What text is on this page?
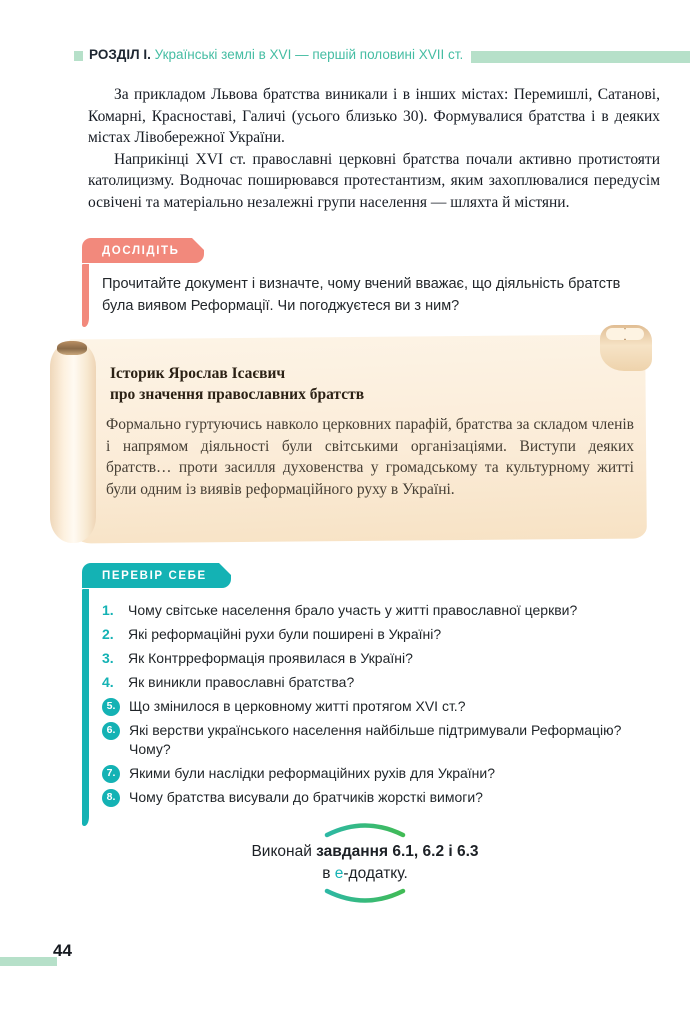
РОЗДІЛ I. Українські землі в XVI — першій половині XVII ст.

За прикладом Львова братства виникали і в інших містах: Перемишлі, Сатанові, Комарні, Красноставі, Галичі (усього близько 30). Формувалися братства і в деяких містах Лівобережної України.

Наприкінці XVI ст. православні церковні братства почали активно протистояти католицизму. Водночас поширювався протестантизм, яким захоплювалися передусім освічені та матеріально незалежні групи населення — шляхта й містяни.

ДОСЛІДІТЬ

Прочитайте документ і визначте, чому вчений вважає, що діяльність братств була виявом Реформації. Чи погоджуєтеся ви з ним?

Історик Ярослав Ісаєвич
про значення православних братств

Формально гуртуючись навколо церковних парафій, братства за складом членів і напрямом діяльності були світськими організаціями. Виступи деяких братств… проти засилля духовенства у громадському та культурному житті були одним із виявів реформаційного руху в Україні.

ПЕРЕВІР СЕБЕ
1.	Чому світське населення брало участь у житті православної церкви?
2.	Які реформаційні рухи були поширені в Україні?
3.	Як Контрреформація проявилася в Україні?
4.	Як виникли православні братства?
5. Що змінилося в церковному житті протягом XVI ст.?
6. Які верстви українського населення найбільше підтримували Реформацію? Чому?
7. Якими були наслідки реформаційних рухів для України?
8. Чому братства висували до братчиків жорсткі вимоги?
Виконай завдання 6.1, 6.2 і 6.3
в е-додатку.
44
